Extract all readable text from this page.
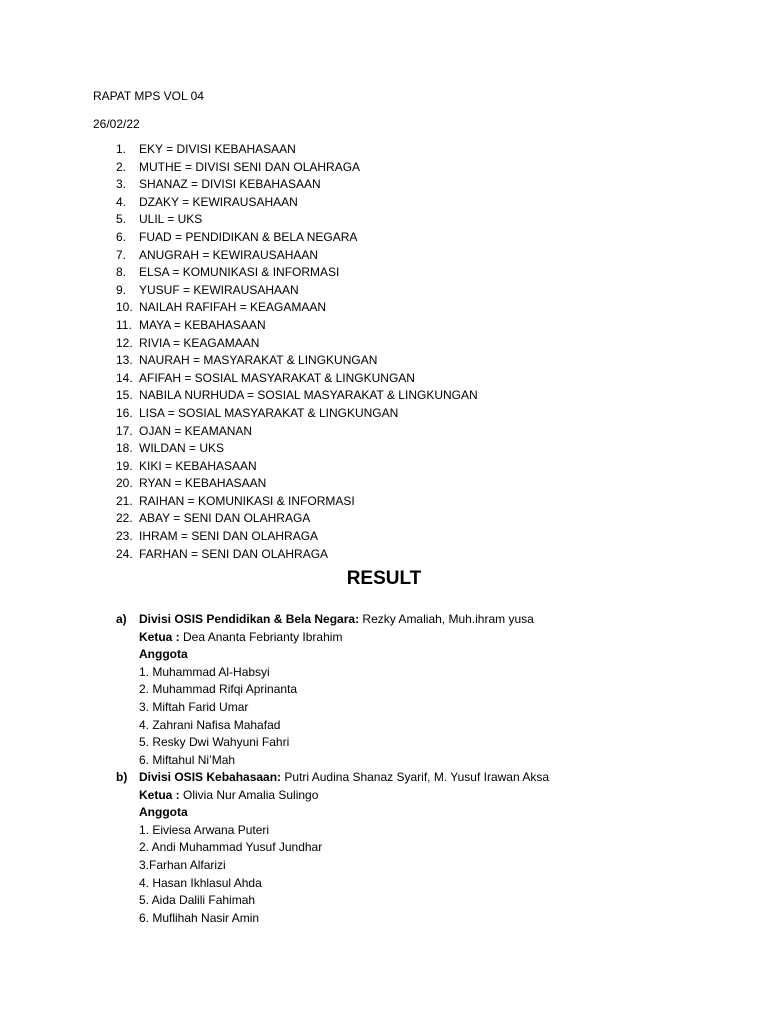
RAPAT MPS VOL 04

26/02/22

1. EKY = DIVISI KEBAHASAAN
2. MUTHE = DIVISI SENI DAN OLAHRAGA
3. SHANAZ = DIVISI KEBAHASAAN
4. DZAKY = KEWIRAUSAHAAN
5. ULIL = UKS
6. FUAD = PENDIDIKAN & BELA NEGARA
7. ANUGRAH = KEWIRAUSAHAAN
8. ELSA = KOMUNIKASI & INFORMASI
9. YUSUF = KEWIRAUSAHAAN
10. NAILAH RAFIFAH = KEAGAMAAN
11. MAYA = KEBAHASAAN
12. RIVIA = KEAGAMAAN
13. NAURAH = MASYARAKAT & LINGKUNGAN
14. AFIFAH = SOSIAL MASYARAKAT & LINGKUNGAN
15. NABILA NURHUDA = SOSIAL MASYARAKAT & LINGKUNGAN
16. LISA = SOSIAL MASYARAKAT & LINGKUNGAN
17. OJAN = KEAMANAN
18. WILDAN = UKS
19. KIKI = KEBAHASAAN
20. RYAN = KEBAHASAAN
21. RAIHAN = KOMUNIKASI & INFORMASI
22. ABAY = SENI DAN OLAHRAGA
23. IHRAM = SENI DAN OLAHRAGA
24. FARHAN = SENI DAN OLAHRAGA
RESULT
a) Divisi OSIS Pendidikan & Bela Negara: Rezky Amaliah, Muh.ihram yusa
Ketua : Dea Ananta Febrianty Ibrahim
Anggota
1. Muhammad Al-Habsyi
2. Muhammad Rifqi Aprinanta
3. Miftah Farid Umar
4. Zahrani Nafisa Mahafad
5. Resky Dwi Wahyuni Fahri
6. Miftahul Ni’Mah
b) Divisi OSIS Kebahasaan: Putri Audina Shanaz Syarif, M. Yusuf Irawan Aksa
Ketua : Olivia Nur Amalia Sulingo
Anggota
1. Eiviesa Arwana Puteri
2. Andi Muhammad Yusuf Jundhar
3.Farhan Alfarizi
4. Hasan Ikhlasul Ahda
5. Aida Dalili Fahimah
6. Muflihah Nasir Amin
